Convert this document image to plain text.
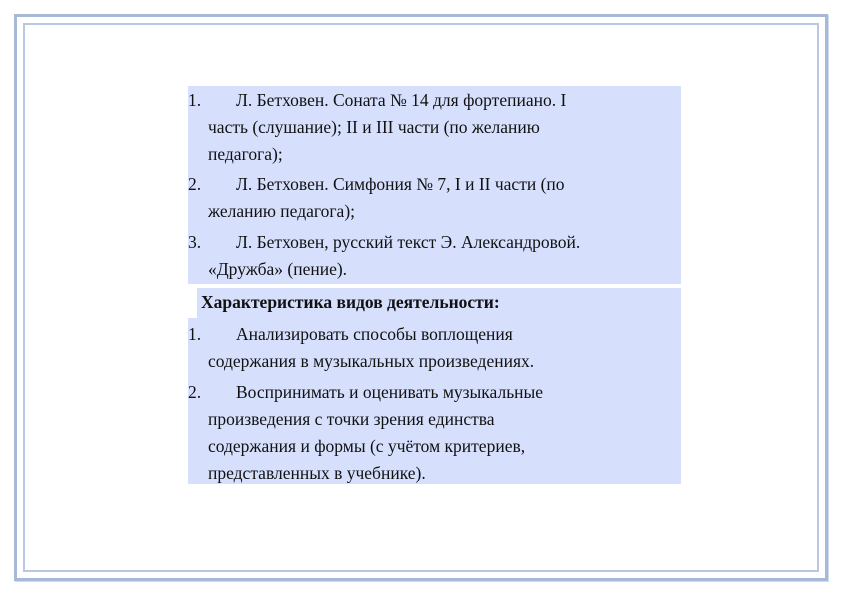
1. Л. Бетховен. Соната № 14 для фортепиано. I
часть (слушание); II и III части (по желанию
педагога);
2. Л. Бетховен. Симфония № 7, I и II части (по
желанию педагога);
3. Л. Бетховен, русский текст Э. Александровой.
«Дружба» (пение).
Характеристика видов деятельности:
1. Анализировать способы воплощения
содержания в музыкальных произведениях.
2. Воспринимать и оценивать музыкальные
произведения с точки зрения единства
содержания и формы (с учётом критериев,
представленных в учебнике).
